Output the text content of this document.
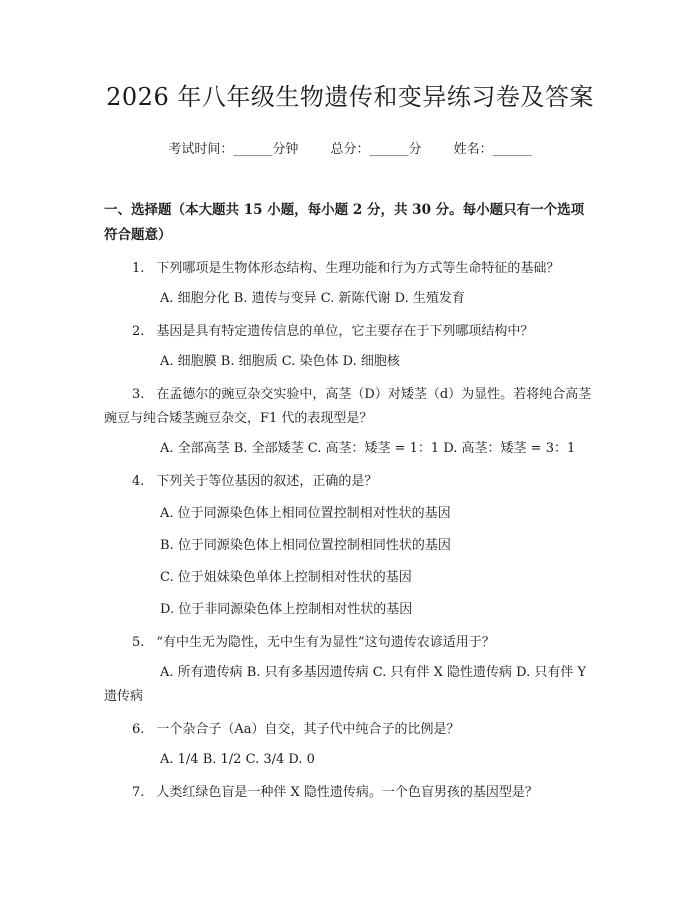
2026 年八年级生物遗传和变异练习卷及答案
考试时间：______分钟 总分：______分 姓名：______
一、选择题（本大题共 15 小题，每小题 2 分，共 30 分。每小题只有一个选项符合题意）
1. 下列哪项是生物体形态结构、生理功能和行为方式等生命特征的基础？
A. 细胞分化 B. 遗传与变异 C. 新陈代谢 D. 生殖发育
2. 基因是具有特定遗传信息的单位，它主要存在于下列哪项结构中？
A. 细胞膜 B. 细胞质 C. 染色体 D. 细胞核
3. 在孟德尔的豌豆杂交实验中，高茎（D）对矮茎（d）为显性。若将纯合高茎豌豆与纯合矮茎豌豆杂交，F1 代的表现型是？
A. 全部高茎 B. 全部矮茎 C. 高茎：矮茎 = 1：1 D. 高茎：矮茎 = 3：1
4. 下列关于等位基因的叙述，正确的是？
A. 位于同源染色体上相同位置控制相对性状的基因
B. 位于同源染色体上相同位置控制相同性状的基因
C. 位于姐妹染色单体上控制相对性状的基因
D. 位于非同源染色体上控制相对性状的基因
5. “有中生无为隐性，无中生有为显性”这句遗传农谚适用于？
A. 所有遗传病 B. 只有多基因遗传病 C. 只有伴 X 隐性遗传病 D. 只有伴 Y 遗传病
6. 一个杂合子（Aa）自交，其子代中纯合子的比例是？
A. 1/4 B. 1/2 C. 3/4 D. 0
7. 人类红绿色盲是一种伴 X 隐性遗传病。一个色盲男孩的基因型是？
